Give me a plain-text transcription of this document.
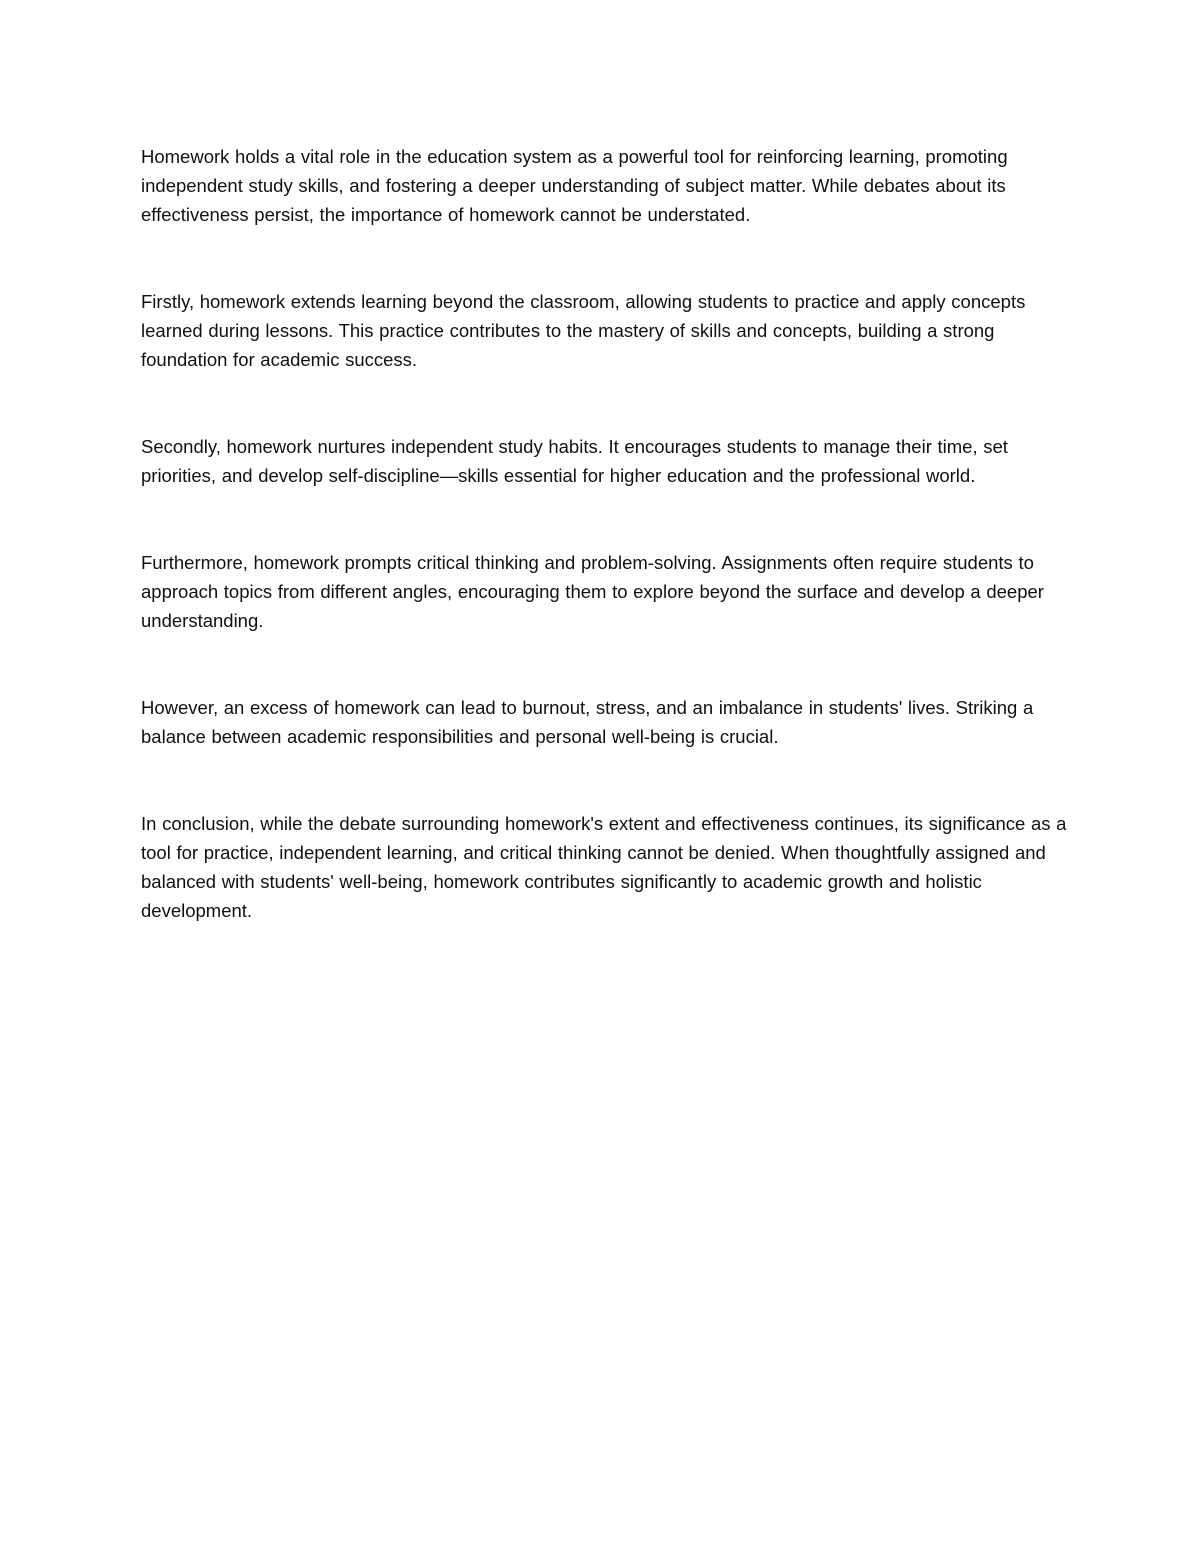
Homework holds a vital role in the education system as a powerful tool for reinforcing learning, promoting independent study skills, and fostering a deeper understanding of subject matter. While debates about its effectiveness persist, the importance of homework cannot be understated.

Firstly, homework extends learning beyond the classroom, allowing students to practice and apply concepts learned during lessons. This practice contributes to the mastery of skills and concepts, building a strong foundation for academic success.

Secondly, homework nurtures independent study habits. It encourages students to manage their time, set priorities, and develop self-discipline—skills essential for higher education and the professional world.

Furthermore, homework prompts critical thinking and problem-solving. Assignments often require students to approach topics from different angles, encouraging them to explore beyond the surface and develop a deeper understanding.

However, an excess of homework can lead to burnout, stress, and an imbalance in students' lives. Striking a balance between academic responsibilities and personal well-being is crucial.

In conclusion, while the debate surrounding homework's extent and effectiveness continues, its significance as a tool for practice, independent learning, and critical thinking cannot be denied. When thoughtfully assigned and balanced with students' well-being, homework contributes significantly to academic growth and holistic development.
